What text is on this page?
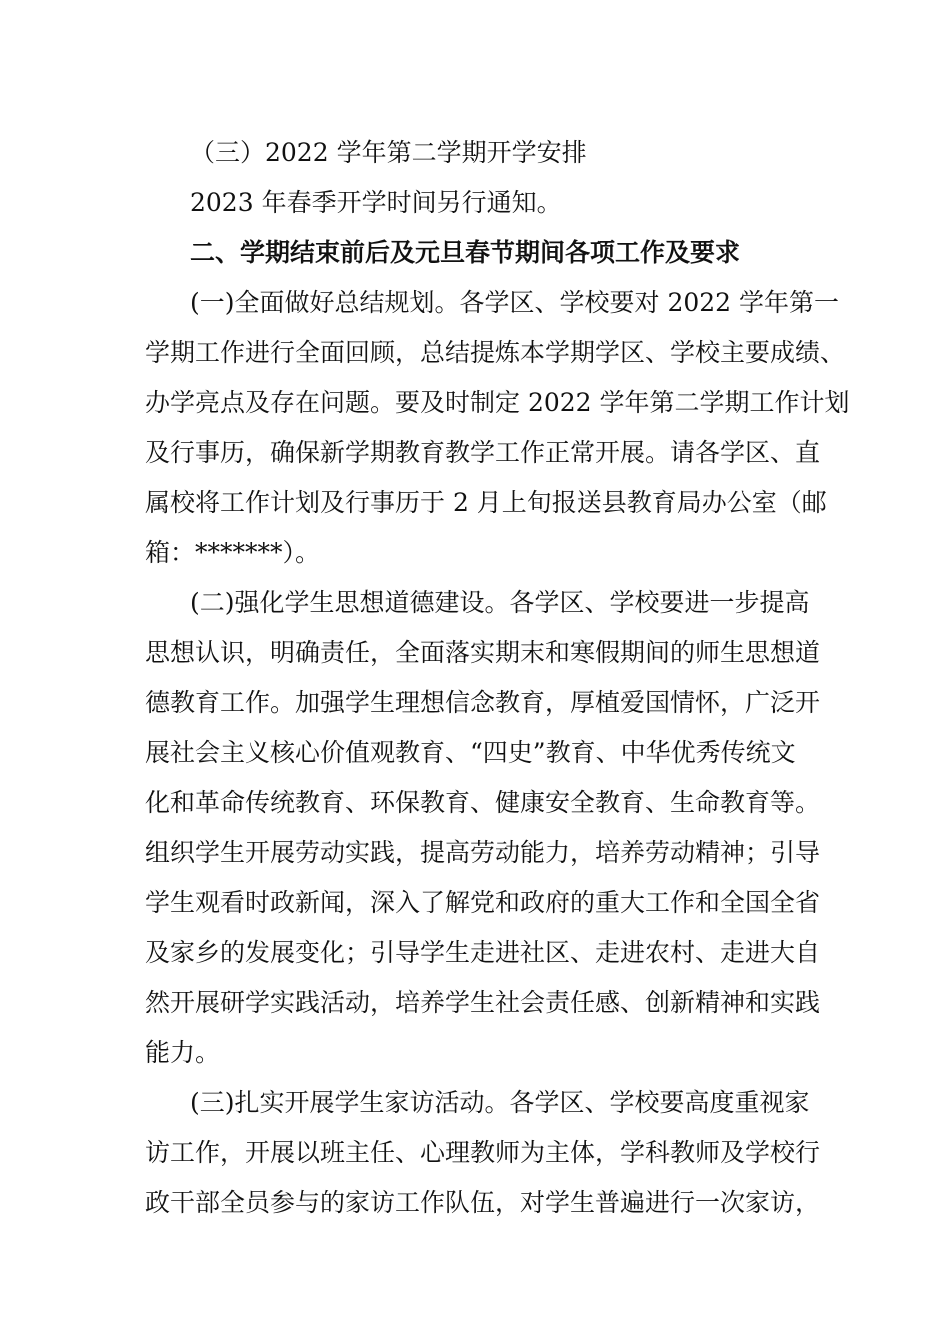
（三）2022 学年第二学期开学安排
2023 年春季开学时间另行通知。
二、学期结束前后及元旦春节期间各项工作及要求
(一)全面做好总结规划。各学区、学校要对 2022 学年第一
学期工作进行全面回顾，总结提炼本学期学区、学校主要成绩、
办学亮点及存在问题。要及时制定 2022 学年第二学期工作计划
及行事历，确保新学期教育教学工作正常开展。请各学区、直
属校将工作计划及行事历于 2 月上旬报送县教育局办公室（邮
箱：*******）。
(二)强化学生思想道德建设。各学区、学校要进一步提高
思想认识，明确责任，全面落实期末和寒假期间的师生思想道
德教育工作。加强学生理想信念教育，厚植爱国情怀，广泛开
展社会主义核心价值观教育、“四史”教育、中华优秀传统文
化和革命传统教育、环保教育、健康安全教育、生命教育等。
组织学生开展劳动实践，提高劳动能力，培养劳动精神；引导
学生观看时政新闻，深入了解党和政府的重大工作和全国全省
及家乡的发展变化；引导学生走进社区、走进农村、走进大自
然开展研学实践活动，培养学生社会责任感、创新精神和实践
能力。
(三)扎实开展学生家访活动。各学区、学校要高度重视家
访工作，开展以班主任、心理教师为主体，学科教师及学校行
政干部全员参与的家访工作队伍，对学生普遍进行一次家访，
